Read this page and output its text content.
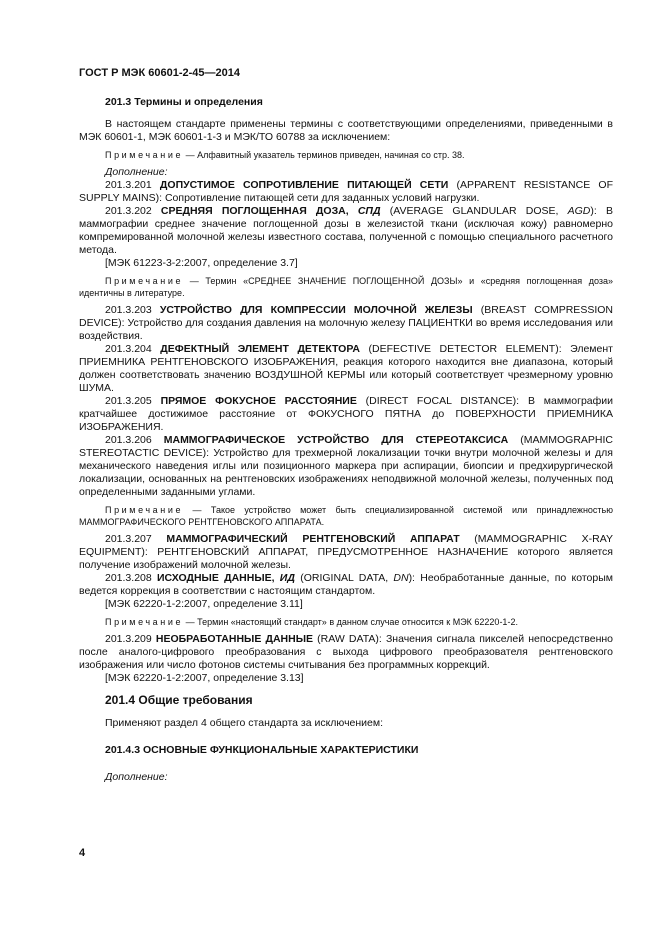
ГОСТ Р МЭК 60601-2-45—2014

201.3 Термины и определения

В настоящем стандарте применены термины с соответствующими определениями, приведенными в МЭК 60601-1, МЭК 60601-1-3 и МЭК/ТО 60788 за исключением:

Примечание — Алфавитный указатель терминов приведен, начиная со стр. 38.

Дополнение:

201.3.201 ДОПУСТИМОЕ СОПРОТИВЛЕНИЕ ПИТАЮЩЕЙ СЕТИ (APPARENT RESISTANCE OF SUPPLY MAINS): Сопротивление питающей сети для заданных условий нагрузки.

201.3.202 СРЕДНЯЯ ПОГЛОЩЕННАЯ ДОЗА, СПД (AVERAGE GLANDULAR DOSE, AGD): В маммографии среднее значение поглощенной дозы в железистой ткани (исключая кожу) равномерно компремированной молочной железы известного состава, полученной с помощью специального расчетного метода.

[МЭК 61223-3-2:2007, определение 3.7]

Примечание — Термин «СРЕДНЕЕ ЗНАЧЕНИЕ ПОГЛОЩЕННОЙ ДОЗЫ» и «средняя поглощенная доза» идентичны в литературе.

201.3.203 УСТРОЙСТВО ДЛЯ КОМПРЕССИИ МОЛОЧНОЙ ЖЕЛЕЗЫ (BREAST COMPRESSION DEVICE): Устройство для создания давления на молочную железу ПАЦИЕНТКИ во время исследования или воздействия.

201.3.204 ДЕФЕКТНЫЙ ЭЛЕМЕНТ ДЕТЕКТОРА (DEFECTIVE DETECTOR ELEMENT): Элемент ПРИЕМНИКА РЕНТГЕНОВСКОГО ИЗОБРАЖЕНИЯ, реакция которого находится вне диапазона, который должен соответствовать значению ВОЗДУШНОЙ КЕРМЫ или который соответствует чрезмерному уровню ШУМА.

201.3.205 ПРЯМОЕ ФОКУСНОЕ РАССТОЯНИЕ (DIRECT FOCAL DISTANCE): В маммографии кратчайшее достижимое расстояние от ФОКУСНОГО ПЯТНА до ПОВЕРХНОСТИ ПРИЕМНИКА ИЗОБРАЖЕНИЯ.

201.3.206 МАММОГРАФИЧЕСКОЕ УСТРОЙСТВО ДЛЯ СТЕРЕОТАКСИСА (MAMMOGRAPHIC STEREOTACTIC DEVICE): Устройство для трехмерной локализации точки внутри молочной железы и для механического наведения иглы или позиционного маркера при аспирации, биопсии и предхирургической локализации, основанных на рентгеновских изображениях неподвижной молочной железы, полученных под определенными заданными углами.

Примечание — Такое устройство может быть специализированной системой или принадлежностью МАММОГРАФИЧЕСКОГО РЕНТГЕНОВСКОГО АППАРАТА.

201.3.207 МАММОГРАФИЧЕСКИЙ РЕНТГЕНОВСКИЙ АППАРАТ (MAMMOGRAPHIC X-RAY EQUIPMENT): РЕНТГЕНОВСКИЙ АППАРАТ, ПРЕДУСМОТРЕННОЕ НАЗНАЧЕНИЕ которого является получение изображений молочной железы.

201.3.208 ИСХОДНЫЕ ДАННЫЕ, ИД (ORIGINAL DATA, DN): Необработанные данные, по которым ведется коррекция в соответствии с настоящим стандартом.

[МЭК 62220-1-2:2007, определение 3.11]

Примечание — Термин «настоящий стандарт» в данном случае относится к МЭК 62220-1-2.

201.3.209 НЕОБРАБОТАННЫЕ ДАННЫЕ (RAW DATA): Значения сигнала пикселей непосредственно после аналого-цифрового преобразования с выхода цифрового преобразователя рентгеновского изображения или число фотонов системы считывания без программных коррекций.

[МЭК 62220-1-2:2007, определение 3.13]

201.4 Общие требования

Применяют раздел 4 общего стандарта за исключением:

201.4.3 ОСНОВНЫЕ ФУНКЦИОНАЛЬНЫЕ ХАРАКТЕРИСТИКИ

Дополнение:

4
